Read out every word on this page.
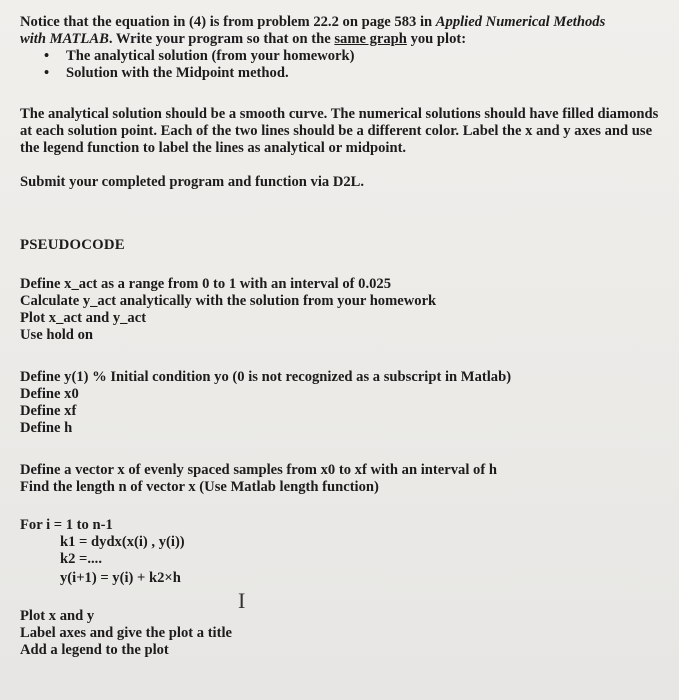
Notice that the equation in (4) is from problem 22.2 on page 583 in Applied Numerical Methods
with MATLAB. Write your program so that on the same graph you plot:

• The analytical solution (from your homework)
• Solution with the Midpoint method.

The analytical solution should be a smooth curve. The numerical solutions should have filled diamonds at each solution point. Each of the two lines should be a different color. Label the x and y axes and use the legend function to label the lines as analytical or midpoint.

Submit your completed program and function via D2L.

PSEUDOCODE

Define x_act as a range from 0 to 1 with an interval of 0.025

Calculate y_act analytically with the solution from your homework

Plot x_act and y_act

Use hold on

Define y(1) % Initial condition yo (0 is not recognized as a subscript in Matlab)

Define x0

Define xf

Define h

Define a vector x of evenly spaced samples from x0 to xf with an interval of h

Find the length n of vector x (Use Matlab length function)

For i = 1 to n-1

k1 = dydx(x(i) , y(i))

k2 =....

y(i+1) = y(i) + k2×h

Plot x and y

Label axes and give the plot a title

Add a legend to the plot

I
